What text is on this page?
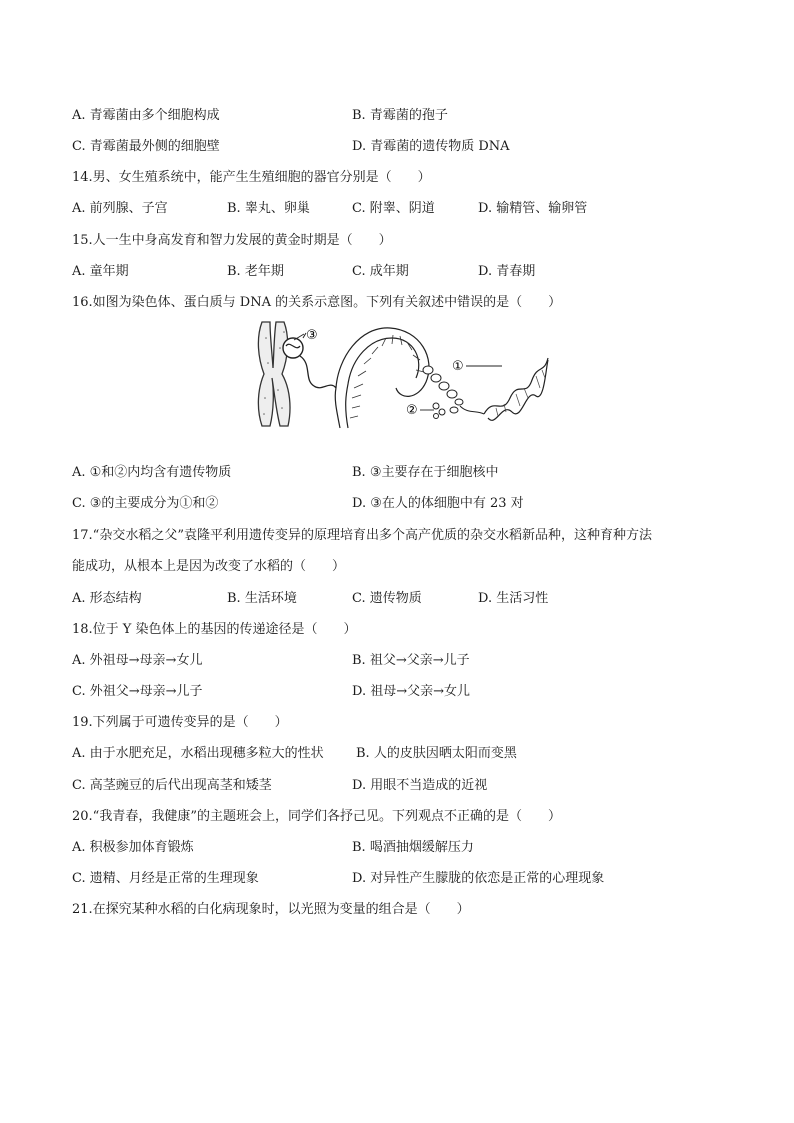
A. 青霉菌由多个细胞构成	B. 青霉菌的孢子
C. 青霉菌最外侧的细胞壁	D. 青霉菌的遗传物质 DNA
14.男、女生殖系统中，能产生生殖细胞的器官分别是（　　）
A. 前列腺、子宫	B. 睾丸、卵巢	C. 附睾、阴道	D. 输精管、输卵管
15.人一生中身高发育和智力发展的黄金时期是（　　）
A. 童年期	B. 老年期	C. 成年期	D. 青春期
16.如图为染色体、蛋白质与 DNA 的关系示意图。下列有关叙述中错误的是（　　）
③
①
②
A. ①和②内均含有遗传物质	B. ③主要存在于细胞核中
C. ③的主要成分为①和②	D. ③在人的体细胞中有 23 对
17.“杂交水稻之父”袁隆平利用遗传变异的原理培育出多个高产优质的杂交水稻新品种，这种育种方法
能成功，从根本上是因为改变了水稻的（　　）
A. 形态结构	B. 生活环境	C. 遗传物质	D. 生活习性
18.位于 Y 染色体上的基因的传递途径是（　　）
A. 外祖母→母亲→女儿	B. 祖父→父亲→儿子
C. 外祖父→母亲→儿子	D. 祖母→父亲→女儿
19.下列属于可遗传变异的是（　　）
A. 由于水肥充足，水稻出现穗多粒大的性状 B. 人的皮肤因晒太阳而变黑
C. 高茎豌豆的后代出现高茎和矮茎	D. 用眼不当造成的近视
20.“我青春，我健康”的主题班会上，同学们各抒己见。下列观点不正确的是（　　）
A. 积极参加体育锻炼	B. 喝酒抽烟缓解压力
C. 遗精、月经是正常的生理现象	D. 对异性产生朦胧的依恋是正常的心理现象
21.在探究某种水稻的白化病现象时，以光照为变量的组合是（　　）
